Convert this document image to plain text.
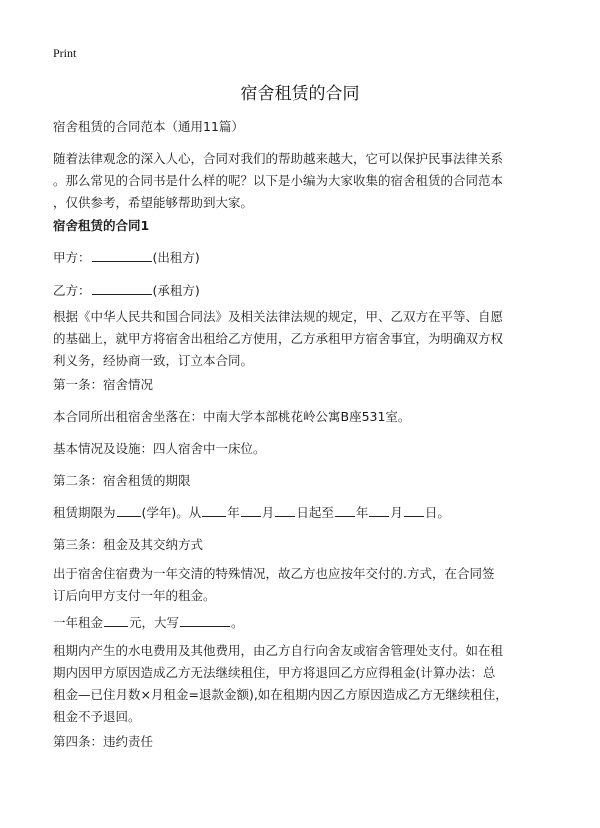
Print
宿舍租赁的合同
宿舍租赁的合同范本（通用11篇）
随着法律观念的深入人心，合同对我们的帮助越来越大，它可以保护民事法律关系
。那么常见的合同书是什么样的呢？以下是小编为大家收集的宿舍租赁的合同范本
，仅供参考，希望能够帮助到大家。
宿舍租赁的合同1
甲方：	(出租方)
乙方：	(承租方)
根据《中华人民共和国合同法》及相关法律法规的规定，甲、乙双方在平等、自愿
的基础上，就甲方将宿舍出租给乙方使用，乙方承租甲方宿舍事宜，为明确双方权
利义务，经协商一致，订立本合同。
第一条：宿舍情况
本合同所出租宿舍坐落在：中南大学本部桃花岭公寓B座531室。
基本情况及设施：四人宿舍中一床位。
第二条：宿舍租赁的期限
租赁期限为 (学年)。从 年 月 日起至 年 月 日。
第三条：租金及其交纳方式
出于宿舍住宿费为一年交清的特殊情况，故乙方也应按年交付的.方式，在合同签
订后向甲方支付一年的租金。
一年租金 元，大写	。
租期内产生的水电费用及其他费用，由乙方自行向舍友或宿舍管理处支付。如在租
期内因甲方原因造成乙方无法继续租住，甲方将退回乙方应得租金(计算办法：总
租金—已住月数×月租金=退款金额),如在租期内因乙方原因造成乙方无继续租住，
租金不予退回。
第四条：违约责任
